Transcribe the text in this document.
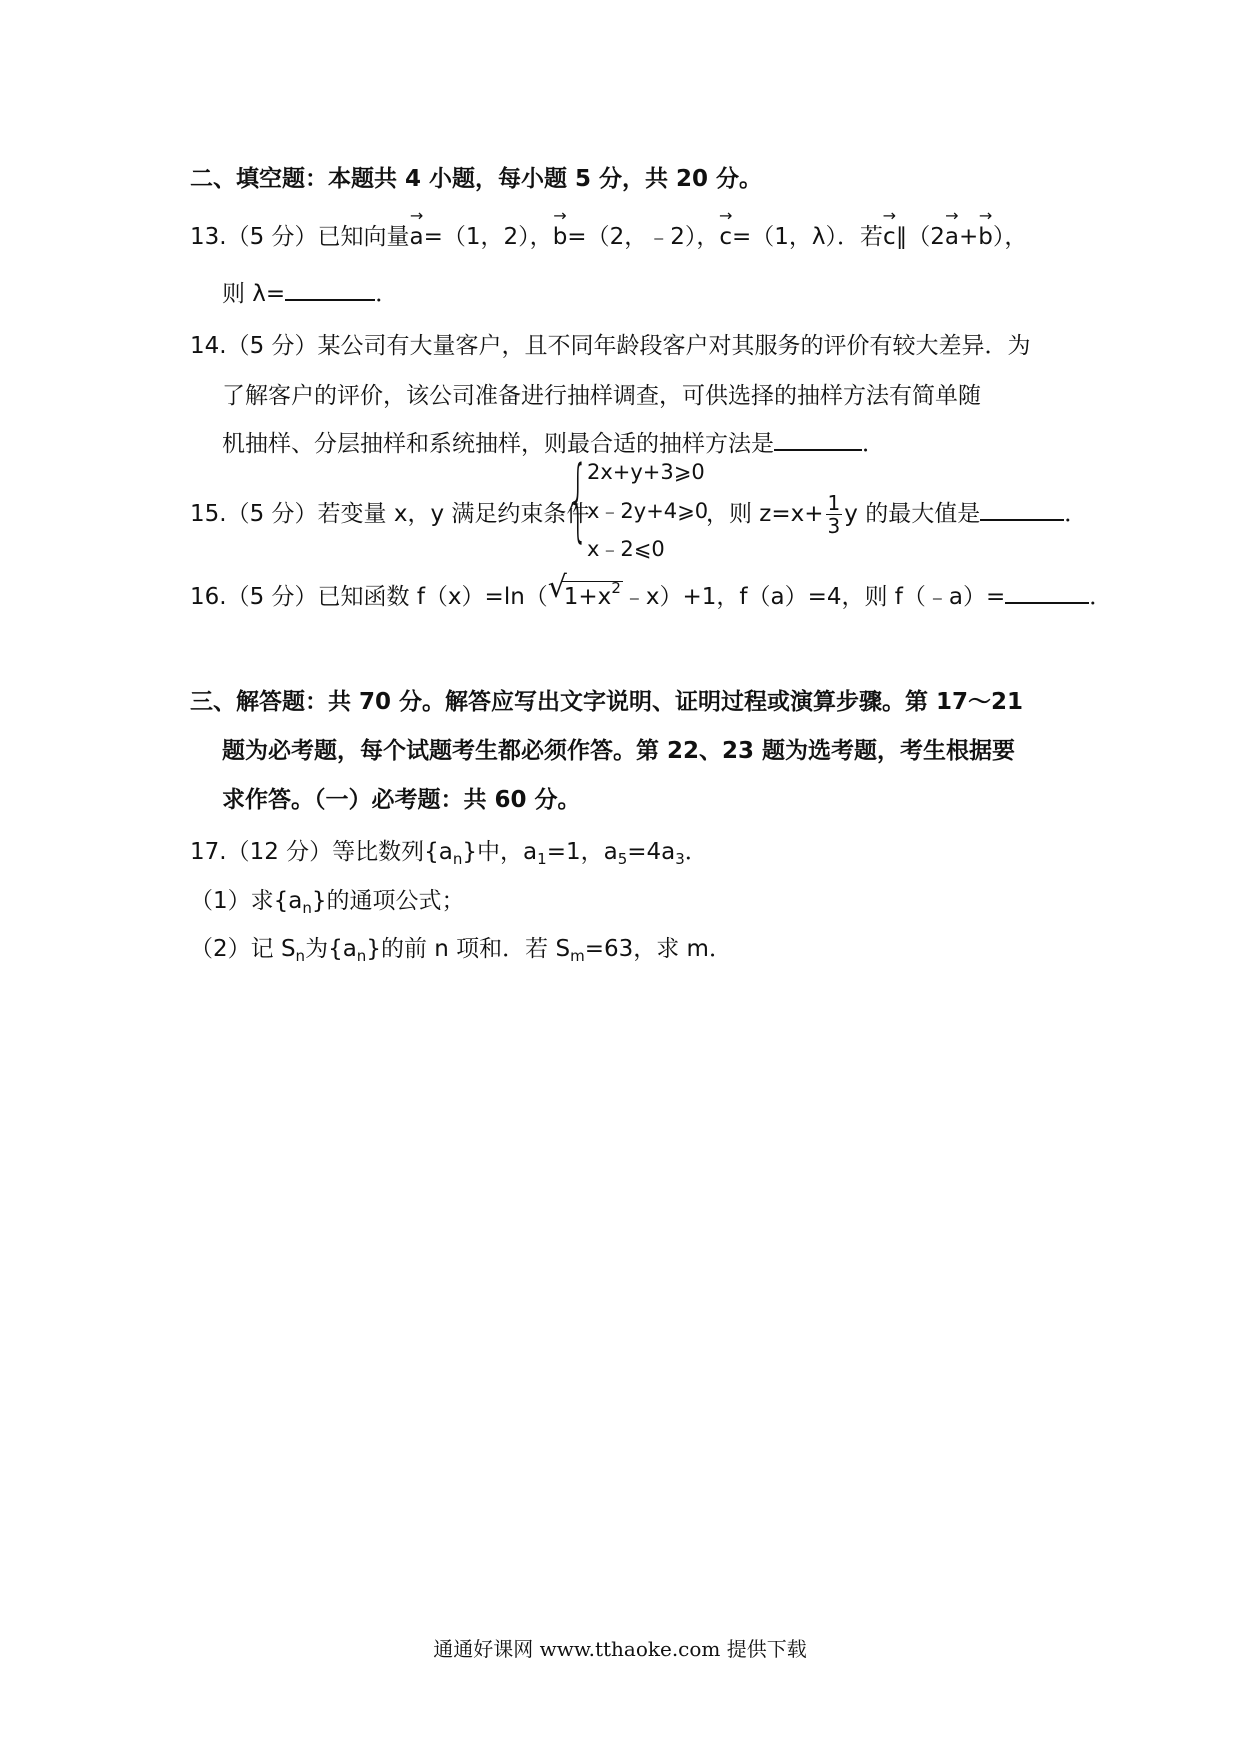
二、填空题：本题共 4 小题，每小题 5 分，共 20 分。
13.（5 分）已知向量
→
a=（1，2），
→
b=（2，﹣2），
→
c=（1，λ）．若
→
c∥（2
→
a+
→
b），
则 λ=	．
14.（5 分）某公司有大量客户，且不同年龄段客户对其服务的评价有较大差异．为
了解客户的评价，该公司准备进行抽样调查，可供选择的抽样方法有简单随
机抽样、分层抽样和系统抽样，则最合适的抽样方法是	．
15.（5 分）若变量 x，y 满足约束条件
{
2x+y+3⩾0
x﹣2y+4⩾0
x﹣2⩽0
，则 $z=x+ \frac{1}{3}$ y 的最大值是	．
16.（5 分）已知函数 f（x）=ln（ √
$1+x^2﹣x)+1$，f（a）=4，则 f（﹣a）=	．
三、解答题：共 70 分。解答应写出文字说明、证明过程或演算步骤。第 17～21
题为必考题，每个试题考生都必须作答。第 22、23 题为选考题，考生根据要
求作答。（一）必考题：共 60 分。
17.（12 分）等比数列$\{a_n\}$中，$a_1=1$，$a_5=4a_3$．
（1）求$\{a_n\}$的通项公式；
（2）记 $S_n$为$\{a_n\}$的前 n 项和．若 $S_m=63$，求 m．
通通好课网 www.tthaoke.com 提供下载
